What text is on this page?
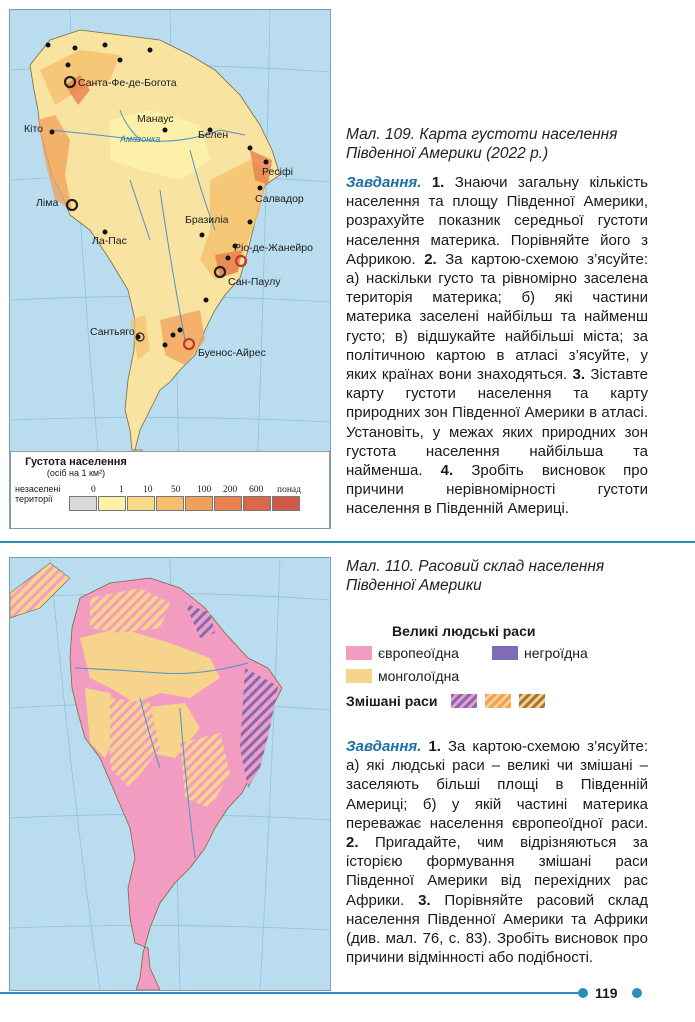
Амазонка
Санта-Фе-де-Богота
Кіто
Манаус
Белен
Ресіфі
Салвадор
Ліма
Бразиліа
Ла-Пас
Ріо-де-Жанейро
Сан-Паулу
Сантьяго
Буенос-Айрес
Густота населення
(осіб на 1 км²)
незаселені території
0 1 10 50 100 200 600 понад
Мал. 109. Карта густоти населення Південної Америки (2022 р.)
Завдання. 1. Знаючи загальну кількість населення та площу Південної Америки, розрахуйте показник середньої густоти населення материка. Порівняйте його з Африкою. 2. За картою-схемою з’ясуйте: а) наскільки густо та рівномірно заселена територія материка; б) які частини материка заселені найбільш та найменш густо; в) відшукайте найбільші міста; за політичною картою в атласі з’ясуйте, у яких країнах вони знаходяться. 3. Зіставте карту густоти населення та карту природних зон Південної Америки в атласі. Установіть, у межах яких природних зон густота населення найбільша та найменша. 4. Зробіть висновок про причини нерівномірності густоти населення в Південній Америці.
Мал. 110. Расовий склад населення Південної Америки
Великі людські раси
європеоїдна	негроїдна
монголоїдна
Змішані раси
Завдання. 1. За картою-схемою з’ясуйте: а) які людські раси – великі чи змішані – заселяють більші площі в Південній Америці; б) у якій частині материка переважає населення європеоїдної раси. 2. Пригадайте, чим відрізняються за історією формування змішані раси Південної Америки від перехідних рас Африки. 3. Порівняйте расовий склад населення Південної Америки та Африки (див. мал. 76, с. 83). Зробіть висновок про причини відмінності або подібності.
119
